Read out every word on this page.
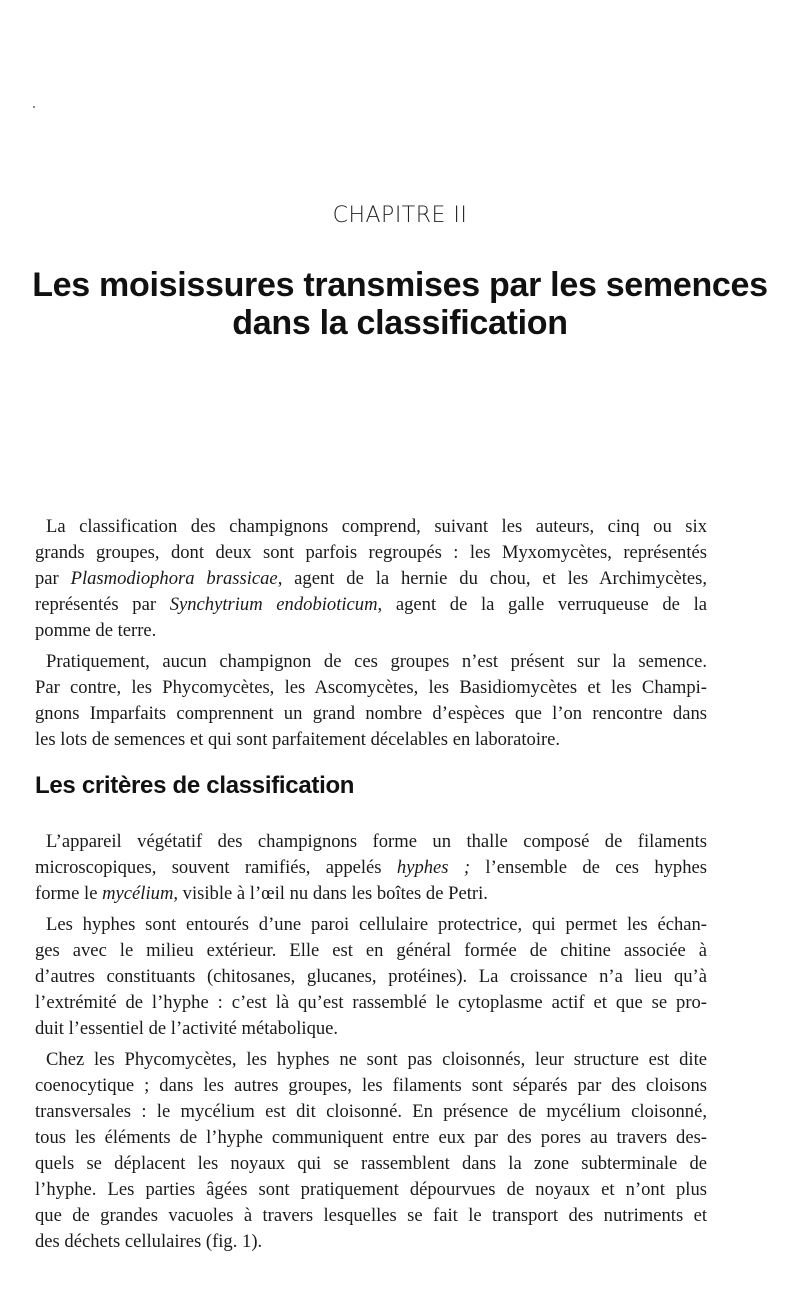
CHAPITRE II
Les moisissures transmises par les semences
dans la classification
La classification des champignons comprend, suivant les auteurs, cinq ou six
grands groupes, dont deux sont parfois regroupés : les Myxomycètes, représentés
par Plasmodiophora brassicae, agent de la hernie du chou, et les Archimycètes,
représentés par Synchytrium endobioticum, agent de la galle verruqueuse de la
pomme de terre.
Pratiquement, aucun champignon de ces groupes n’est présent sur la semence.
Par contre, les Phycomycètes, les Ascomycètes, les Basidiomycètes et les Champi-
gnons Imparfaits comprennent un grand nombre d’espèces que l’on rencontre dans
les lots de semences et qui sont parfaitement décelables en laboratoire.
Les critères de classification
L’appareil végétatif des champignons forme un thalle composé de filaments
microscopiques, souvent ramifiés, appelés hyphes ; l’ensemble de ces hyphes
forme le mycélium, visible à l’œil nu dans les boîtes de Petri.
Les hyphes sont entourés d’une paroi cellulaire protectrice, qui permet les échan-
ges avec le milieu extérieur. Elle est en général formée de chitine associée à
d’autres constituants (chitosanes, glucanes, protéines). La croissance n’a lieu qu’à
l’extrémité de l’hyphe : c’est là qu’est rassemblé le cytoplasme actif et que se pro-
duit l’essentiel de l’activité métabolique.
Chez les Phycomycètes, les hyphes ne sont pas cloisonnés, leur structure est dite
coenocytique ; dans les autres groupes, les filaments sont séparés par des cloisons
transversales : le mycélium est dit cloisonné. En présence de mycélium cloisonné,
tous les éléments de l’hyphe communiquent entre eux par des pores au travers des-
quels se déplacent les noyaux qui se rassemblent dans la zone subterminale de
l’hyphe. Les parties âgées sont pratiquement dépourvues de noyaux et n’ont plus
que de grandes vacuoles à travers lesquelles se fait le transport des nutriments et
des déchets cellulaires (fig. 1).
